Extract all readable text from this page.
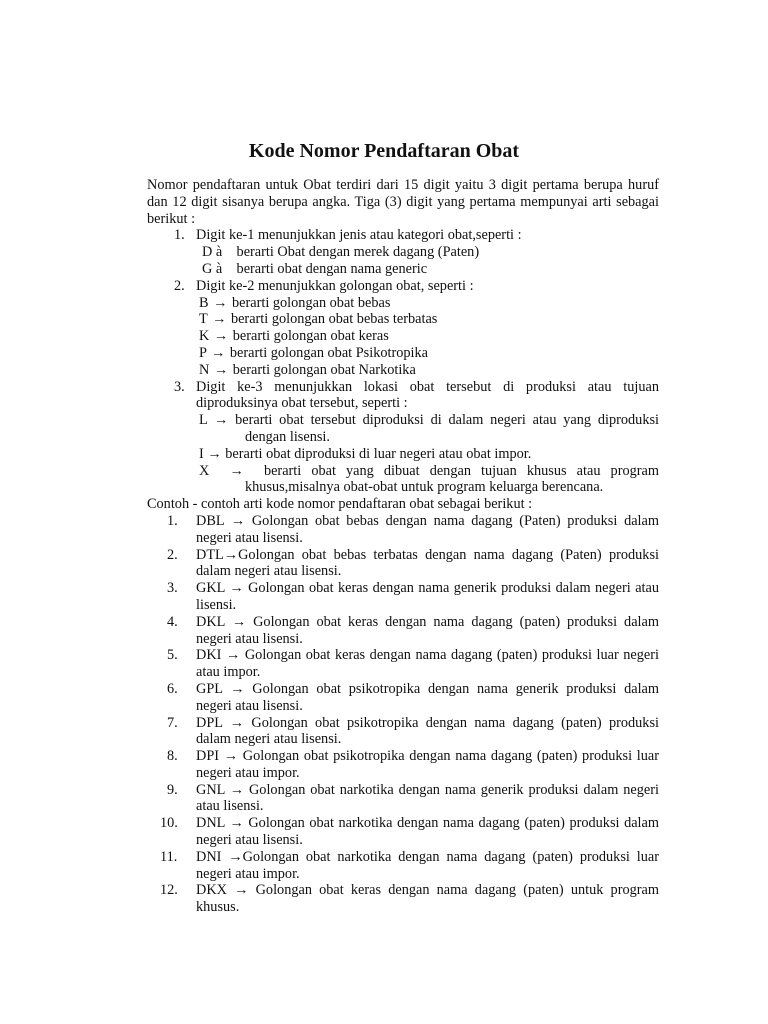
Kode Nomor Pendaftaran Obat
Nomor pendaftaran untuk Obat terdiri dari 15 digit yaitu 3 digit pertama berupa huruf dan 12 digit sisanya berupa angka. Tiga (3) digit yang pertama mempunyai arti sebagai berikut :
1. Digit ke-1 menunjukkan jenis atau kategori obat,seperti :
D à    berarti Obat dengan merek dagang (Paten)
G à    berarti obat dengan nama generic
2. Digit ke-2 menunjukkan golongan obat, seperti :
B → berarti golongan obat bebas
T → berarti golongan obat bebas terbatas
K → berarti golongan obat keras
P → berarti golongan obat Psikotropika
N → berarti golongan obat Narkotika
3. Digit ke-3 menunjukkan lokasi obat tersebut di produksi atau tujuan diproduksinya obat tersebut, seperti :
L → berarti obat tersebut diproduksi di dalam negeri atau yang diproduksi dengan lisensi.
I → berarti obat diproduksi di luar negeri atau obat impor.
X → berarti obat yang dibuat dengan tujuan khusus atau program khusus,misalnya obat-obat untuk program keluarga berencana.
Contoh - contoh arti kode nomor pendaftaran obat sebagai berikut :
1. DBL → Golongan obat bebas dengan nama dagang (Paten) produksi dalam negeri atau lisensi.
2. DTL→Golongan obat bebas terbatas dengan nama dagang (Paten) produksi dalam negeri atau lisensi.
3. GKL → Golongan obat keras dengan nama generik produksi dalam negeri atau lisensi.
4. DKL → Golongan obat keras dengan nama dagang (paten) produksi dalam negeri atau lisensi.
5. DKI → Golongan obat keras dengan nama dagang (paten) produksi luar negeri atau impor.
6. GPL → Golongan obat psikotropika dengan nama generik produksi dalam negeri atau lisensi.
7. DPL → Golongan obat psikotropika dengan nama dagang (paten) produksi dalam negeri atau lisensi.
8. DPI → Golongan obat psikotropika dengan nama dagang (paten) produksi luar negeri atau impor.
9. GNL → Golongan obat narkotika dengan nama generik produksi dalam negeri atau lisensi.
10. DNL → Golongan obat narkotika dengan nama dagang (paten) produksi dalam negeri atau lisensi.
11. DNI →Golongan obat narkotika dengan nama dagang (paten) produksi luar negeri atau impor.
12. DKX → Golongan obat keras dengan nama dagang (paten) untuk program khusus.
